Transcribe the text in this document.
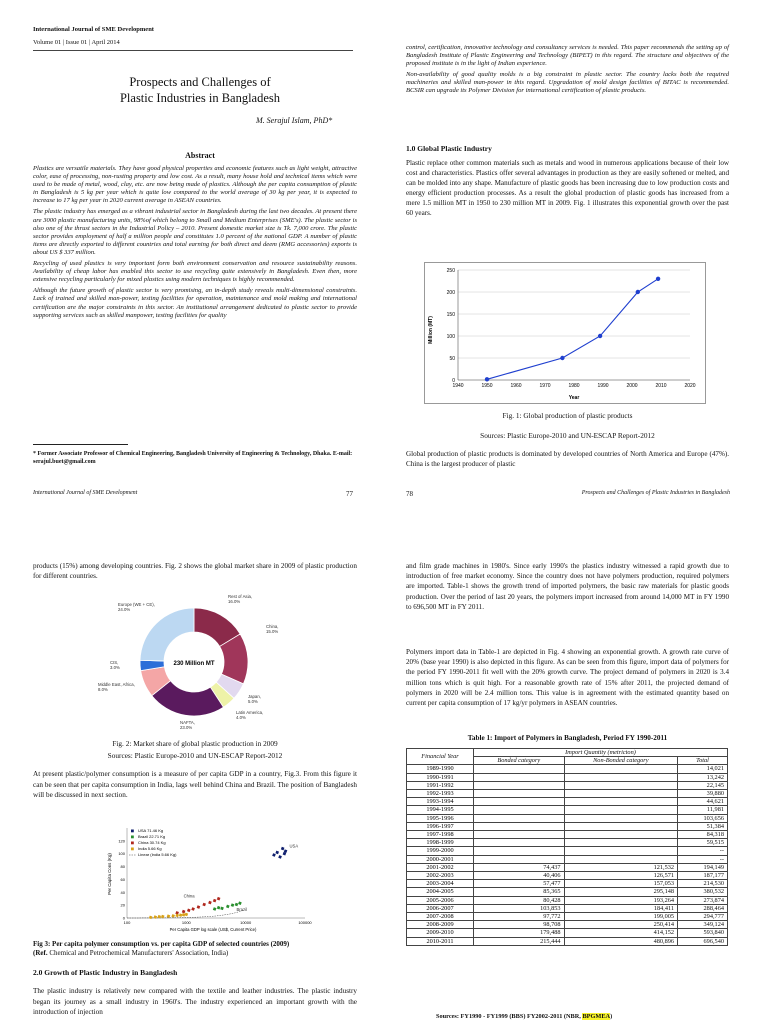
International Journal of SME Development
Volume 01 | Issue 01 | April 2014
Prospects and Challenges of
Plastic Industries in Bangladesh
M. Serajul Islam, PhD*
Abstract

Plastics are versatile materials. They have good physical properties and economic features such as light weight, attractive color, ease of processing, non-rusting property and low cost. As a result, many house hold and technical items which were used to be made of metal, wood, clay, etc. are now being made of plastics. Although the per capita consumption of plastic in Bangladesh is 5 kg per year which is quite low compared to the world average of 30 kg per year, it is expected to increase to 17 kg per year in 2020 current average in ASEAN countries.

The plastic industry has emerged as a vibrant industrial sector in Bangladesh during the last two decades. At present there are 3000 plastic manufacturing units, 98%of which belong to Small and Medium Enterprises (SME's). The plastic sector is also one of the thrust sectors in the Industrial Policy – 2010. Present domestic market size is Tk. 7,000 crore. The plastic sector provides employment of half a million people and constitutes 1.0 percent of the national GDP. A number of plastic items are directly exported to different countries and total earning for both direct and deem (RMG accessories) exports is about US $ 337 million.

Recycling of used plastics is very important form both environment conservation and resource sustainability reasons. Availability of cheap labor has enabled this sector to use recycling quite extensively in Bangladesh. Even then, more extensive recycling particularly for mixed plastics using modern techniques is highly recommended.

Although the future growth of plastic sector is very promising, an in-depth study reveals multi-dimensional constraints. Lack of trained and skilled man-power, testing facilities for operation, maintenance and mold making and international certification are the major constraints in this sector. An institutional arrangement dedicated to plastic sector to provide supporting services such as skilled manpower, testing facilities for quality

* Former Associate Professor of Chemical Engineering, Bangladesh University of Engineering & Technology, Dhaka. E-mail: serajul.buet@gmail.com
International Journal of SME Development	77

control, certification, innovative technology and consultancy services is needed. This paper recommends the setting up of Bangladesh Institute of Plastic Engineering and Technology (BIPET) in this regard. The structure and objectives of the proposed institute is in the light of Indian experience.

Non-availability of good quality molds is a big constraint in plastic sector. The country lacks both the required machineries and skilled man-power in this regard. Upgradation of mold design facilities of BITAC is recommended. BCSIR can upgrade its Polymer Division for international certification of plastic products.

1.0 Global Plastic Industry

Plastic replace other common materials such as metals and wood in numerous applications because of their low cost and characteristics. Plastics offer several advantages in production as they are easily softened or melted, and can be molded into any shape. Manufacture of plastic goods has been increasing due to low production costs and energy efficient production processes. As a result the global production of plastic goods has increased from a mere 1.5 million MT in 1950 to 230 million MT in 2009. Fig. 1 illustrates this exponential growth over the past 60 years.

0
50
100
150
200
250
1940	1950	1960	1970	1980	1990	2000	2010	2020
Year
Million (MT)
Fig. 1: Global production of plastic products
Sources: Plastic Europe-2010 and UN-ESCAP Report-2012

Global production of plastic products is dominated by developed countries of North America and Europe (47%). China is the largest producer of plastic

78	Prospects and Challenges of Plastic Industries in Bangladesh

products (15%) among developing countries. Fig. 2 shows the global market share in 2009 of plastic production for different countries.

Rest of Asia, 16.0%
China, 15.0%
Japan, 5.0%
Latin America, 4.0%
NAFTA, 23.0%
Middle East, Africa, 8.0%
CIS, 3.0%
Europe (WE + CE), 24.0%
230 Million MT
Fig. 2: Market share of global plastic production in 2009
Sources: Plastic Europe-2010 and UN-ESCAP Report-2012

At present plastic/polymer consumption is a measure of per capita GDP in a country, Fig.3. From this figure it can be seen that per capita consumption in India, lags well behind China and Brazil. The position of Bangladesh will be discussed in next section.

0
20
40
60
80
100
120
100	1000	10000	100000
USA
China
Brazil
USA 71.46 Kg
Brazil 22.71 Kg
China 30.74 Kg
India 5.66 Kg
Linear (India 5.66 Kg)
Per Capita GDP log scale (US$, Current Price)
Per Capita Cons (Kg)
Fig 3: Per capita polymer consumption vs. per capita GDP of selected countries (2009)
(Ref. Chemical and Petrochemical Manufacturers' Association, India)
2.0 Growth of Plastic Industry in Bangladesh

The plastic industry is relatively new compared with the textile and leather industries. The plastic industry began its journey as a small industry in 1960's. The industry experienced an important growth with the introduction of injection

and film grade machines in 1980's. Since early 1990's the plastics industry witnessed a rapid growth due to introduction of free market economy. Since the country does not have polymers production, required polymers are imported. Table-1 shows the growth trend of imported polymers, the basic raw materials for plastic goods production. Over the period of last 20 years, the polymers import increased from around 14,000 MT in FY 1990 to 696,500 MT in FY 2011.

Polymers import data in Table-1 are depicted in Fig. 4 showing an exponential growth. A growth rate curve of 20% (base year 1990) is also depicted in this figure. As can be seen from this figure, import data of polymers for the period FY 1990-2011 fit well with the 20% growth curve. The project demand of polymers in 2020 is 3.4 million tons which is quit high. For a reasonable growth rate of 15% after 2011, the projected demand of polymers in 2020 will be 2.4 million tons. This value is in agreement with the estimated quantity based on current per capita consumption of 17 kg/yr polymers in ASEAN countries.

Table 1: Import of Polymers in Bangladesh, Period FY 1990-2011
Financial Year	Import Quantity (metricton)		
	Bonded category	Non-Bonded category	Total
1989-1990			14,021
1990-1991			13,242
1991-1992			22,145
1992-1993			39,880
1993-1994			44,621
1994-1995			11,981
1995-1996			103,656
1996-1997			51,384
1997-1998			84,318
1998-1999			59,515
1999-2000			--
2000-2001			--
2001-2002	74,437	121,532	194,149
2002-2003	40,406	126,571	187,177
2003-2004	57,477	157,053	214,530
2004-2005	85,365	295,148	380,532
2005-2006	80,428	193,264	273,874
2006-2007	103,853	184,411	288,464
2007-2008	97,772	199,005	294,777
2008-2009	98,708	250,414	349,124
2009-2010	179,488	414,152	593,840
2010-2011	215,444	480,896	696,540
Sources: FY1990 - FY1999 (BBS) FY2002-2011 (NBR, BPGMEA)
